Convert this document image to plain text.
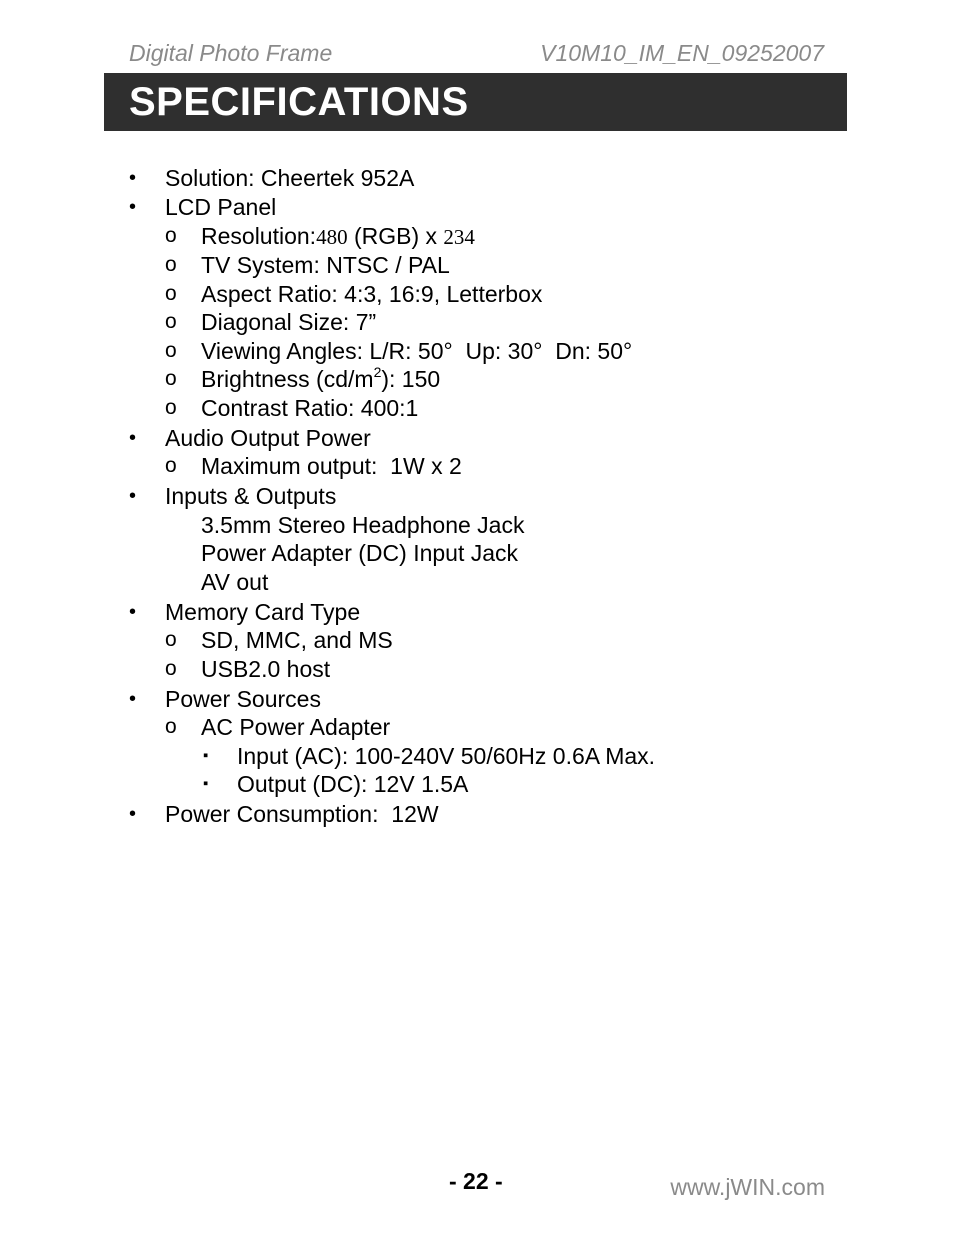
Digital Photo Frame	V10M10_IM_EN_09252007
SPECIFICATIONS
• Solution: Cheertek 952A
• LCD Panel
o Resolution:480 (RGB) x 234
o TV System: NTSC / PAL
o Aspect Ratio: 4:3, 16:9, Letterbox
o Diagonal Size: 7”
o Viewing Angles: L/R: 50°  Up: 30°  Dn: 50°
o Brightness $(cd/m^2)$: 150
o Contrast Ratio: 400:1
• Audio Output Power
o Maximum output:  1W x 2
• Inputs & Outputs
3.5mm Stereo Headphone Jack
Power Adapter (DC) Input Jack
AV out
• Memory Card Type
o SD, MMC, and MS
o USB2.0 host
• Power Sources
o AC Power Adapter
▪ Input (AC): 100-240V 50/60Hz 0.6A Max.
▪ Output (DC): 12V 1.5A
• Power Consumption:  12W
- 22 -	www.jWIN.com
